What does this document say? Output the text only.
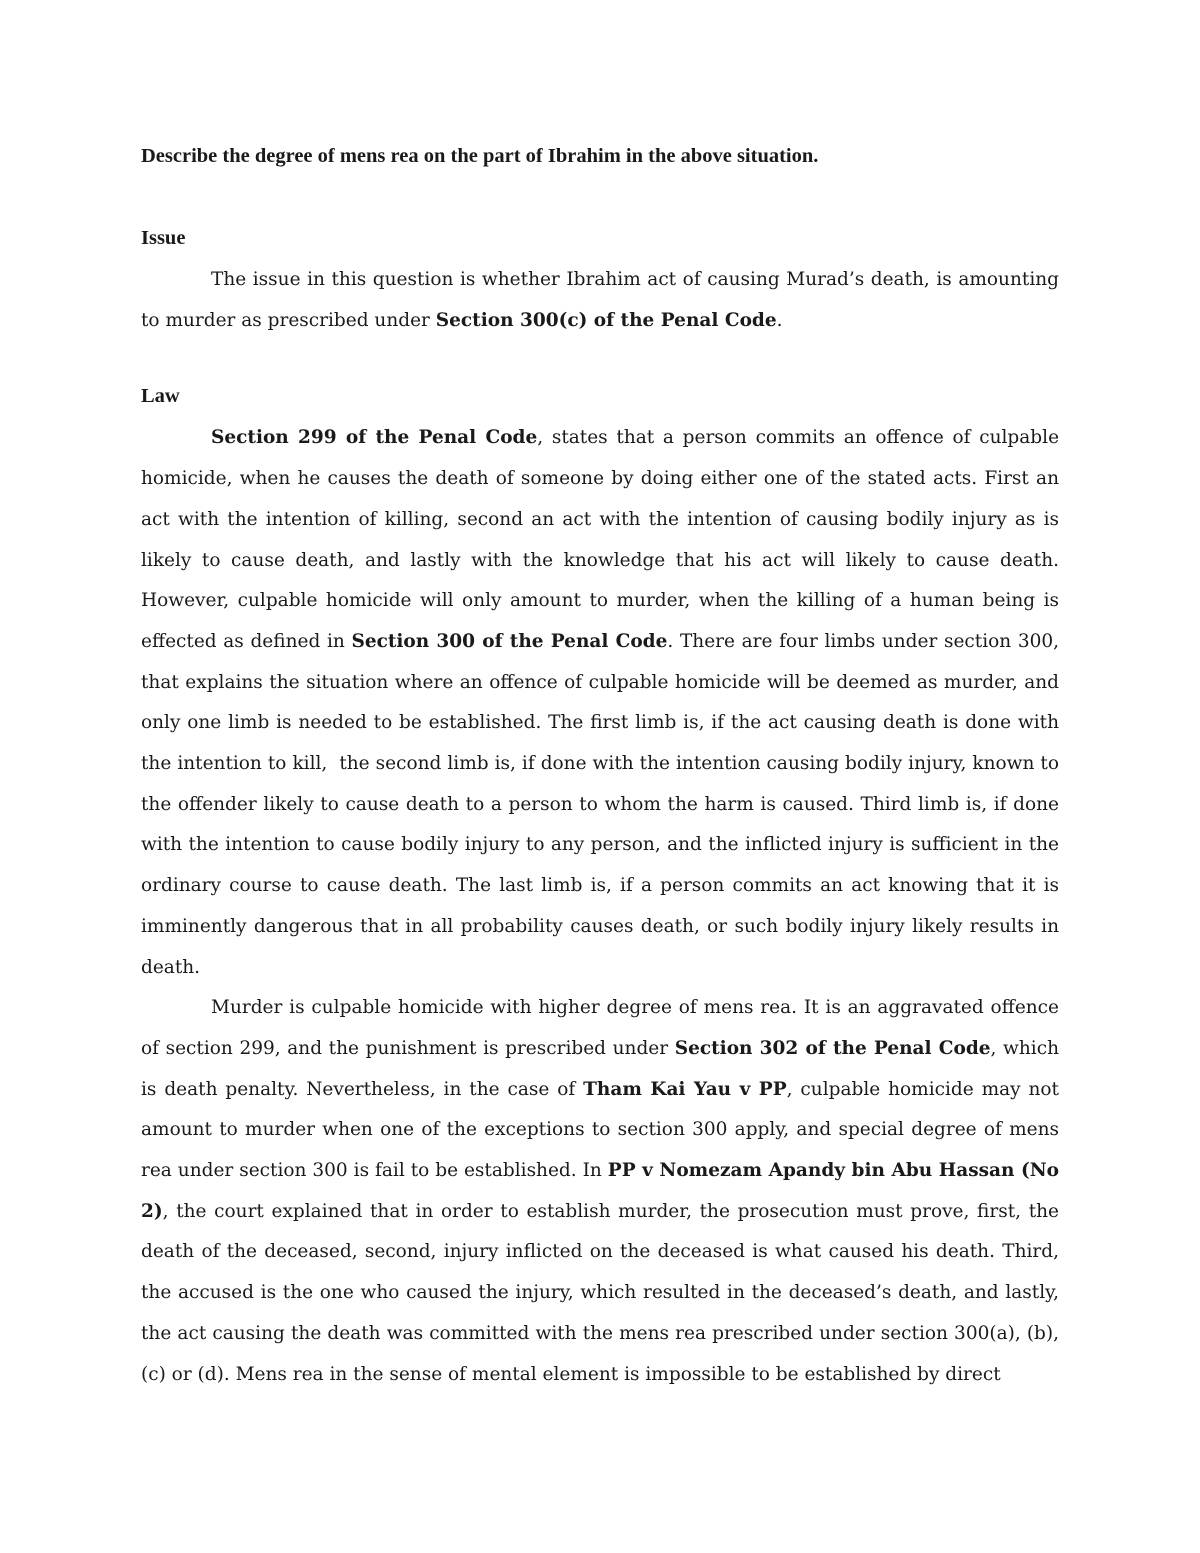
Describe the degree of mens rea on the part of Ibrahim in the above situation.
Issue

The issue in this question is whether Ibrahim act of causing Murad’s death, is amounting to murder as prescribed under Section 300(c) of the Penal Code.

Law

Section 299 of the Penal Code, states that a person commits an offence of culpable homicide, when he causes the death of someone by doing either one of the stated acts. First an act with the intention of killing, second an act with the intention of causing bodily injury as is likely to cause death, and lastly with the knowledge that his act will likely to cause death. However, culpable homicide will only amount to murder, when the killing of a human being is effected as defined in Section 300 of the Penal Code. There are four limbs under section 300, that explains the situation where an offence of culpable homicide will be deemed as murder, and only one limb is needed to be established. The first limb is, if the act causing death is done with the intention to kill,  the second limb is, if done with the intention causing bodily injury, known to the offender likely to cause death to a person to whom the harm is caused. Third limb is, if done with the intention to cause bodily injury to any person, and the inflicted injury is sufficient in the ordinary course to cause death. The last limb is, if a person commits an act knowing that it is imminently dangerous that in all probability causes death, or such bodily injury likely results in death.

Murder is culpable homicide with higher degree of mens rea. It is an aggravated offence of section 299, and the punishment is prescribed under Section 302 of the Penal Code, which is death penalty. Nevertheless, in the case of Tham Kai Yau v PP, culpable homicide may not amount to murder when one of the exceptions to section 300 apply, and special degree of mens rea under section 300 is fail to be established. In PP v Nomezam Apandy bin Abu Hassan (No 2), the court explained that in order to establish murder, the prosecution must prove, first, the death of the deceased, second, injury inflicted on the deceased is what caused his death. Third, the accused is the one who caused the injury, which resulted in the deceased’s death, and lastly, the act causing the death was committed with the mens rea prescribed under section 300(a), (b), (c) or (d). Mens rea in the sense of mental element is impossible to be established by direct
